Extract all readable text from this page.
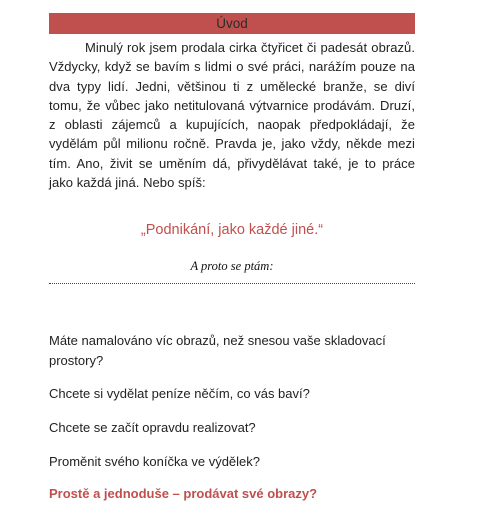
Úvod

Minulý rok jsem prodala cirka čtyřicet či padesát obrazů. Vždycky, když se bavím s lidmi o své práci, narážím pouze na dva typy lidí. Jedni, většinou ti z umělecké branže, se diví tomu, že vůbec jako netitulovaná výtvarnice prodávám. Druzí, z oblasti zájemců a kupujících, naopak předpokládají, že vydělám půl milionu ročně. Pravda je, jako vždy, někde mezi tím. Ano, živit se uměním dá, přivydělávat také, je to práce jako každá jiná. Nebo spíš:

„Podnikání, jako každé jiné.“

A proto se ptám:

Máte namalováno víc obrazů, než snesou vaše skladovací prostory?

Chcete si vydělat peníze něčím, co vás baví?

Chcete se začít opravdu realizovat?

Proměnit svého koníčka ve výdělek?

Prostě a jednoduše – prodávat své obrazy?
